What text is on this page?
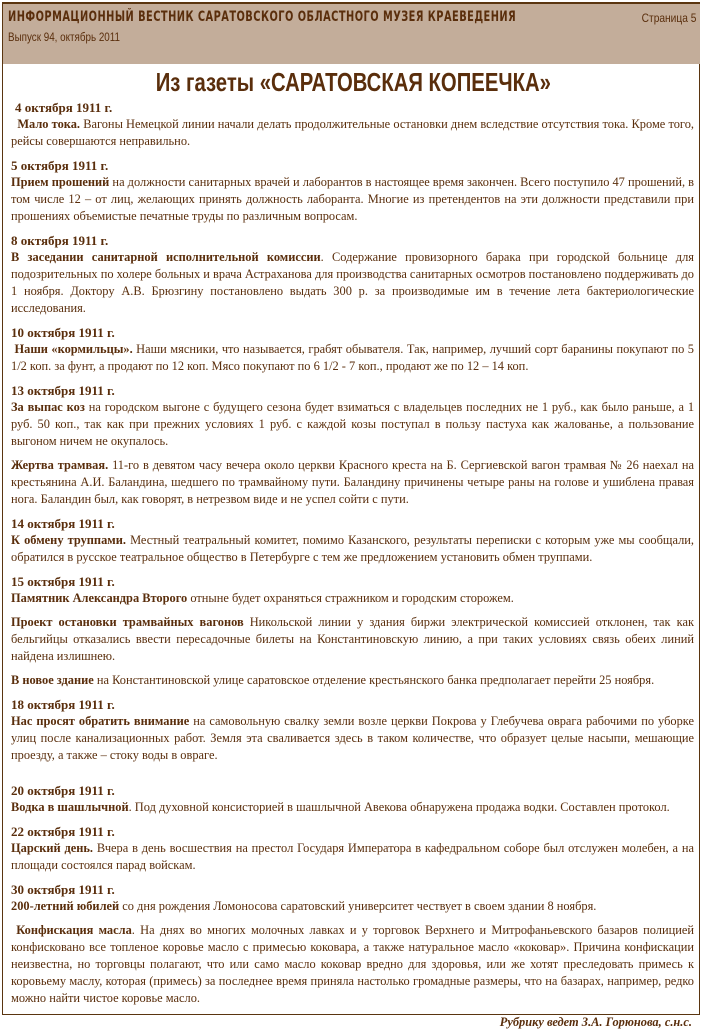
ИНФОРМАЦИОННЫЙ ВЕСТНИК САРАТОВСКОГО ОБЛАСТНОГО МУЗЕЯ КРАЕВЕДЕНИЯ
Выпуск 94, октябрь 2011
Страница 5
Из газеты «САРАТОВСКАЯ КОПЕЕЧКА»
4 октября 1911 г.

Мало тока. Вагоны Немецкой линии начали делать продолжительные остановки днем вследствие отсутствия тока. Кроме того, рейсы совершаются неправильно.

5 октября 1911 г.

Прием прошений на должности санитарных врачей и лаборантов в настоящее время закончен. Всего поступило 47 прошений, в том числе 12 – от лиц, желающих принять должность лаборанта. Многие из претендентов на эти должности представили при прошениях объемистые печатные труды по различным вопросам.

8 октября 1911 г.

В заседании санитарной исполнительной комиссии. Содержание провизорного барака при городской больнице для подозрительных по холере больных и врача Астраханова для производства санитарных осмотров постановлено поддерживать до 1 ноября. Доктору А.В. Брюзгину постановлено выдать 300 р. за производимые им в течение лета бактериологические исследования.

10 октября 1911 г.

Наши «кормильцы». Наши мясники, что называется, грабят обывателя. Так, например, лучший сорт баранины покупают по 5 1/2 коп. за фунт, а продают по 12 коп. Мясо покупают по 6 1/2 - 7 коп., продают же по 12 – 14 коп.

13 октября 1911 г.

За выпас коз на городском выгоне с будущего сезона будет взиматься с владельцев последних не 1 руб., как было раньше, а 1 руб. 50 коп., так как при прежних условиях 1 руб. с каждой козы поступал в пользу пастуха как жалованье, а пользование выгоном ничем не окупалось.

Жертва трамвая. 11-го в девятом часу вечера около церкви Красного креста на Б. Сергиевской вагон трамвая № 26 наехал на крестьянина А.И. Баландина, шедшего по трамвайному пути. Баландину причинены четыре раны на голове и ушиблена правая нога. Баландин был, как говорят, в нетрезвом виде и не успел сойти с пути.

14 октября 1911 г.

К обмену труппами. Местный театральный комитет, помимо Казанского, результаты переписки с которым уже мы сообщали, обратился в русское театральное общество в Петербурге с тем же предложением установить обмен труппами.

15 октября 1911 г.

Памятник Александра Второго отныне будет охраняться стражником и городским сторожем.

Проект остановки трамвайных вагонов Никольской линии у здания биржи электрической комиссией отклонен, так как бельгийцы отказались ввести пересадочные билеты на Константиновскую линию, а при таких условиях связь обеих линий найдена излишнею.

В новое здание на Константиновской улице саратовское отделение крестьянского банка предполагает перейти 25 ноября.

18 октября 1911 г.

Нас просят обратить внимание на самовольную свалку земли возле церкви Покрова у Глебучева оврага рабочими по уборке улиц после канализационных работ. Земля эта сваливается здесь в таком количестве, что образует целые насыпи, мешающие проезду, а также – стоку воды в овраге.

20 октября 1911 г.

Водка в шашлычной. Под духовной консисторией в шашлычной Авекова обнаружена продажа водки. Составлен протокол.

22 октября 1911 г.

Царский день. Вчера в день восшествия на престол Государя Императора в кафедральном соборе был отслужен молебен, а на площади состоялся парад войскам.

30 октября 1911 г.

200-летний юбилей со дня рождения Ломоносова саратовский университет чествует в своем здании 8 ноября.

Конфискация масла. На днях во многих молочных лавках и у торговок Верхнего и Митрофаньевского базаров полицией конфисковано все топленое коровье масло с примесью коковара, а также натуральное масло «коковар». Причина конфискации неизвестна, но торговцы полагают, что или само масло коковар вредно для здоровья, или же хотят преследовать примесь к коровьему маслу, которая (примесь) за последнее время приняла настолько громадные размеры, что на базарах, например, редко можно найти чистое коровье масло.

Рубрику ведет З.А. Горюнова, с.н.с.
